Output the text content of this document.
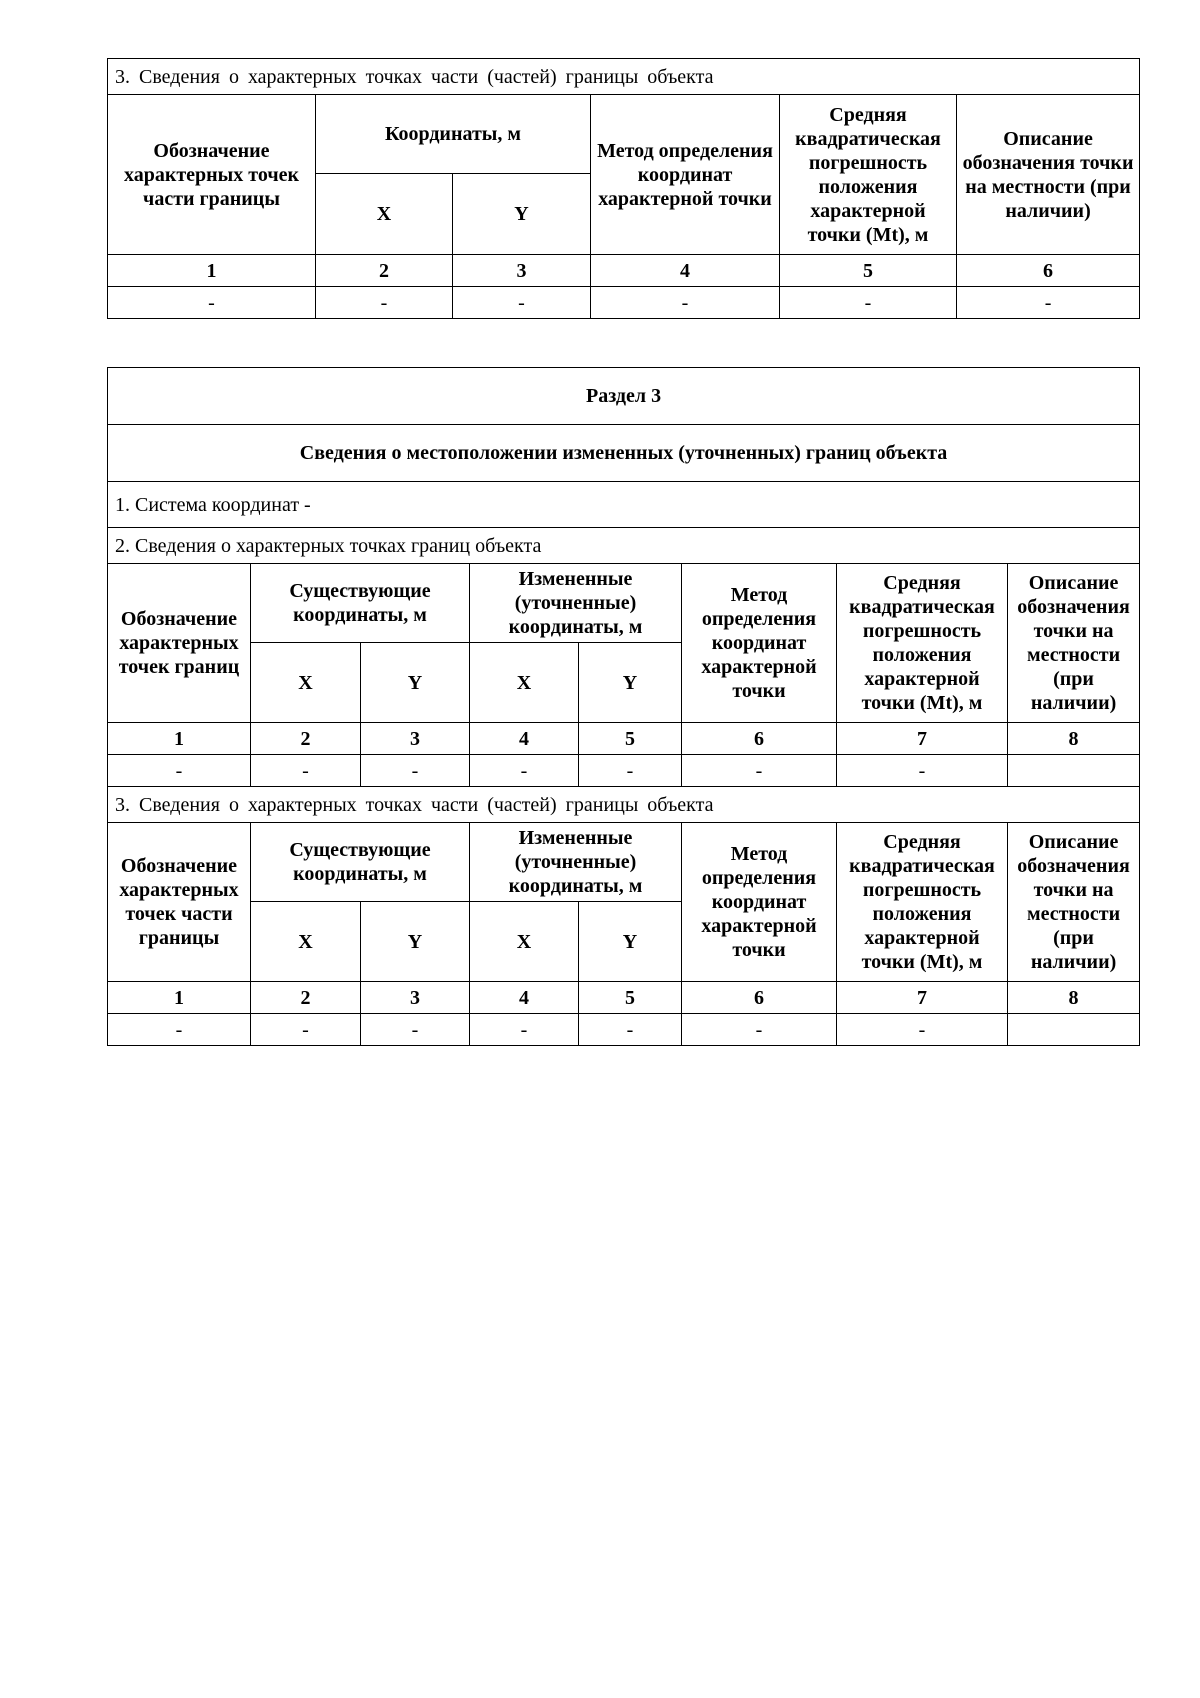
3. Сведения о характерных точках части (частей) границы объекта					
Обозначение характерных точек части границы	Координаты, м		Метод определения координат характерной точки	Средняя квадратическая погрешность положения характерной точки (Mt), м	Описание обозначения точки на местности (при наличии)
	X	Y			
1	2	3	4	5	6
-	-	-	-	-	-
Раздел 3							
Сведения о местоположении измененных (уточненных) границ объекта							
1. Система координат -							
2. Сведения о характерных точках границ объекта							
Обозначение характерных точек границ	Существующие координаты, м		Измененные (уточненные) координаты, м		Метод определения координат характерной точки	Средняя квадратическая погрешность положения характерной точки (Mt), м	Описание обозначения точки на местности (при наличии)
	X	Y	X	Y			
1	2	3	4	5	6	7	8
-	-	-	-	-	-	-	
3. Сведения о характерных точках части (частей) границы объекта							
Обозначение характерных точек части границы	Существующие координаты, м		Измененные (уточненные) координаты, м		Метод определения координат характерной точки	Средняя квадратическая погрешность положения характерной точки (Mt), м	Описание обозначения точки на местности (при наличии)
	X	Y	X	Y			
1	2	3	4	5	6	7	8
-	-	-	-	-	-	-	
